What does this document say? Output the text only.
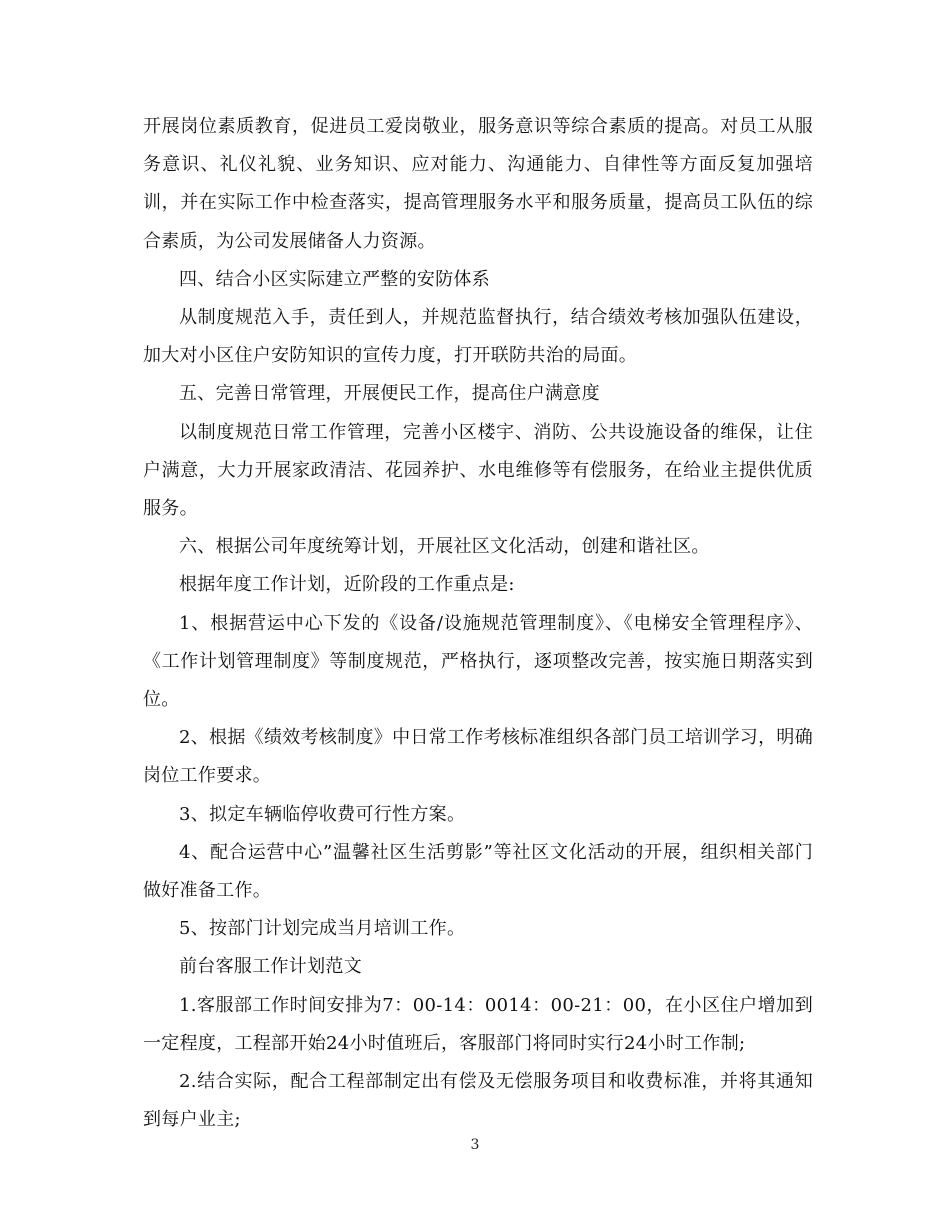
开展岗位素质教育，促进员工爱岗敬业，服务意识等综合素质的提高。对员工从服务意识、礼仪礼貌、业务知识、应对能力、沟通能力、自律性等方面反复加强培训，并在实际工作中检查落实，提高管理服务水平和服务质量，提高员工队伍的综合素质，为公司发展储备人力资源。

四、结合小区实际建立严整的安防体系

从制度规范入手，责任到人，并规范监督执行，结合绩效考核加强队伍建设，加大对小区住户安防知识的宣传力度，打开联防共治的局面。

五、完善日常管理，开展便民工作，提高住户满意度

以制度规范日常工作管理，完善小区楼宇、消防、公共设施设备的维保，让住户满意，大力开展家政清洁、花园养护、水电维修等有偿服务，在给业主提供优质服务。

六、根据公司年度统筹计划，开展社区文化活动，创建和谐社区。

根据年度工作计划，近阶段的工作重点是:

1、根据营运中心下发的《设备/设施规范管理制度》、《电梯安全管理程序》、《工作计划管理制度》等制度规范，严格执行，逐项整改完善，按实施日期落实到位。

2、根据《绩效考核制度》中日常工作考核标准组织各部门员工培训学习，明确岗位工作要求。

3、拟定车辆临停收费可行性方案。

4、配合运营中心”温馨社区生活剪影”等社区文化活动的开展，组织相关部门做好准备工作。

5、按部门计划完成当月培训工作。

前台客服工作计划范文

1.客服部工作时间安排为7：00-14：0014：00-21：00，在小区住户增加到一定程度，工程部开始24小时值班后，客服部门将同时实行24小时工作制;

2.结合实际，配合工程部制定出有偿及无偿服务项目和收费标准，并将其通知到每户业主;

3
